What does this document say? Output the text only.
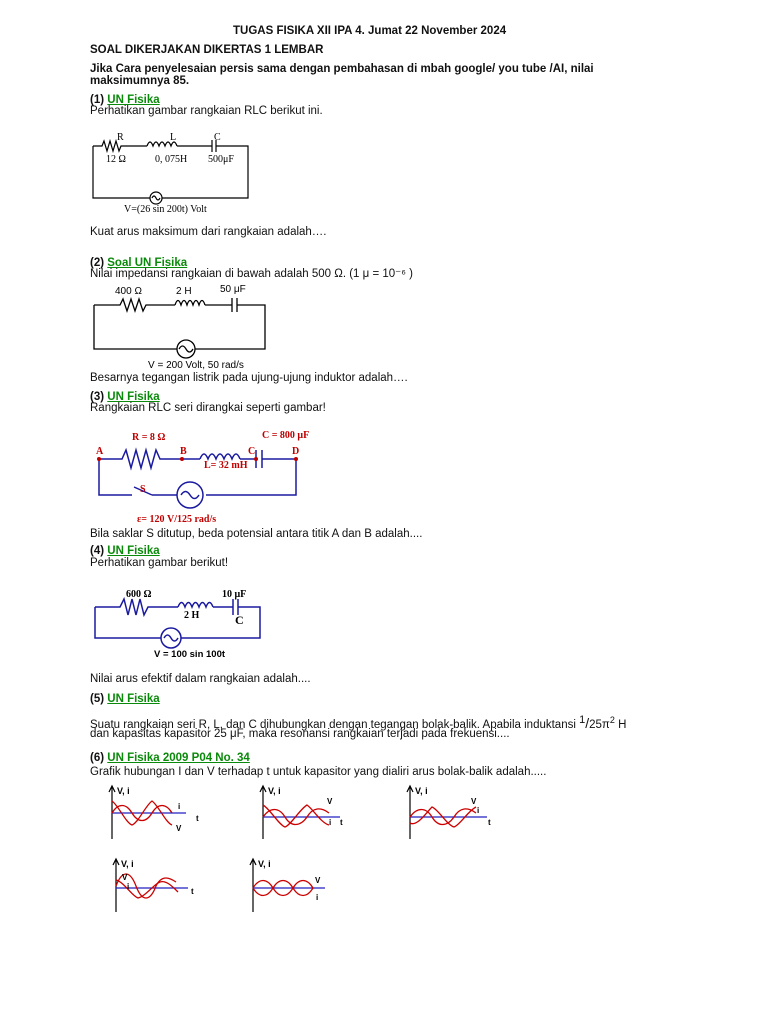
TUGAS FISIKA XII IPA 4. Jumat 22 November 2024
SOAL DIKERJAKAN DIKERTAS 1 LEMBAR
Jika Cara penyelesaian persis sama dengan pembahasan di mbah google/ you tube /AI, nilai
maksimumnya 85.
(1) UN Fisika
Perhatikan gambar rangkaian RLC berikut ini.
R	L	C
12 Ω	0, 075H 500μF
V=(26 sin 200t) Volt
Kuat arus maksimum dari rangkaian adalah….
(2) Soal UN Fisika
Nilai impedansi rangkaian di bawah adalah 500 Ω. (1 μ = 10⁻⁶ )
400 Ω	2 H	50 μF
V = 200 Volt, 50 rad/s
Besarnya tegangan listrik pada ujung-ujung induktor adalah….
(3) UN Fisika
Rangkaian RLC seri dirangkai seperti gambar!
R = 8 Ω	C = 800 μF
L= 32 mH
ε= 120 V/125 rad/s
S
A	B	C	D
Bila saklar S ditutup, beda potensial antara titik A dan B adalah....
(4) UN Fisika
Perhatikan gambar berikut!
600 Ω	10 μF
2 H	C
V = 100 sin 100t
Nilai arus efektif dalam rangkaian adalah....
(5) UN Fisika
Suatu rangkaian seri R, L, dan C dihubungkan dengan tegangan bolak-balik. Apabila induktansi $^1/25\pi^2$ H
dan kapasitas kapasitor 25 μF, maka resonansi rangkaian terjadi pada frekuensi....
(6) UN Fisika 2009 P04 No. 34
Grafik hubungan I dan V terhadap t untuk kapasitor yang dialiri arus bolak-balik adalah.....
V, i
i
V
t
V, i
V
i t
V, i
V
i
t
V, i
V
i
t
V, i
V
i
